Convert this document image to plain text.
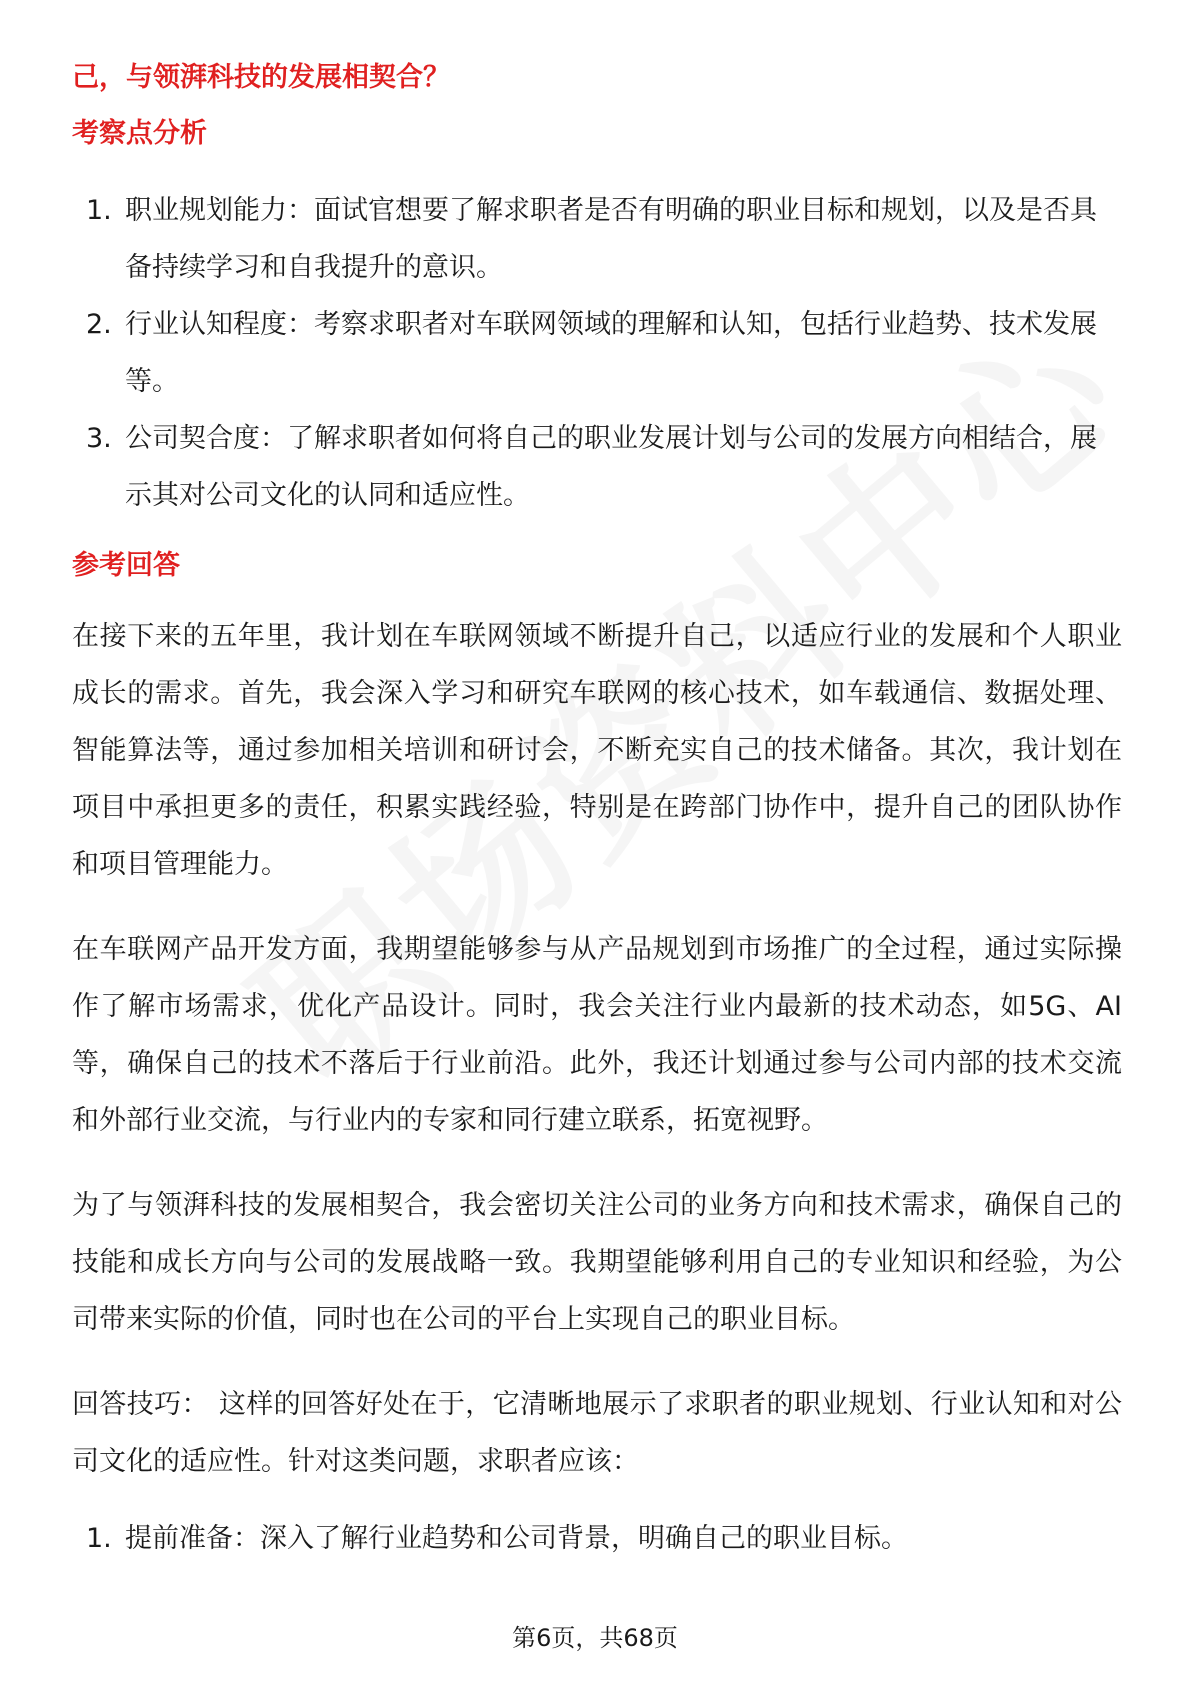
己，与领湃科技的发展相契合？
考察点分析
1. 职业规划能力：面试官想要了解求职者是否有明确的职业目标和规划，以及是否具备持续学习和自我提升的意识。
2. 行业认知程度：考察求职者对车联网领域的理解和认知，包括行业趋势、技术发展等。
3. 公司契合度：了解求职者如何将自己的职业发展计划与公司的发展方向相结合，展示其对公司文化的认同和适应性。
参考回答

在接下来的五年里，我计划在车联网领域不断提升自己，以适应行业的发展和个人职业成长的需求。首先，我会深入学习和研究车联网的核心技术，如车载通信、数据处理、智能算法等，通过参加相关培训和研讨会，不断充实自己的技术储备。其次，我计划在项目中承担更多的责任，积累实践经验，特别是在跨部门协作中，提升自己的团队协作和项目管理能力。

在车联网产品开发方面，我期望能够参与从产品规划到市场推广的全过程，通过实际操作了解市场需求，优化产品设计。同时，我会关注行业内最新的技术动态，如5G、AI等，确保自己的技术不落后于行业前沿。此外，我还计划通过参与公司内部的技术交流和外部行业交流，与行业内的专家和同行建立联系，拓宽视野。

为了与领湃科技的发展相契合，我会密切关注公司的业务方向和技术需求，确保自己的技能和成长方向与公司的发展战略一致。我期望能够利用自己的专业知识和经验，为公司带来实际的价值，同时也在公司的平台上实现自己的职业目标。

回答技巧： 这样的回答好处在于，它清晰地展示了求职者的职业规划、行业认知和对公司文化的适应性。针对这类问题，求职者应该：

1. 提前准备：深入了解行业趋势和公司背景，明确自己的职业目标。
第6页，共68页
